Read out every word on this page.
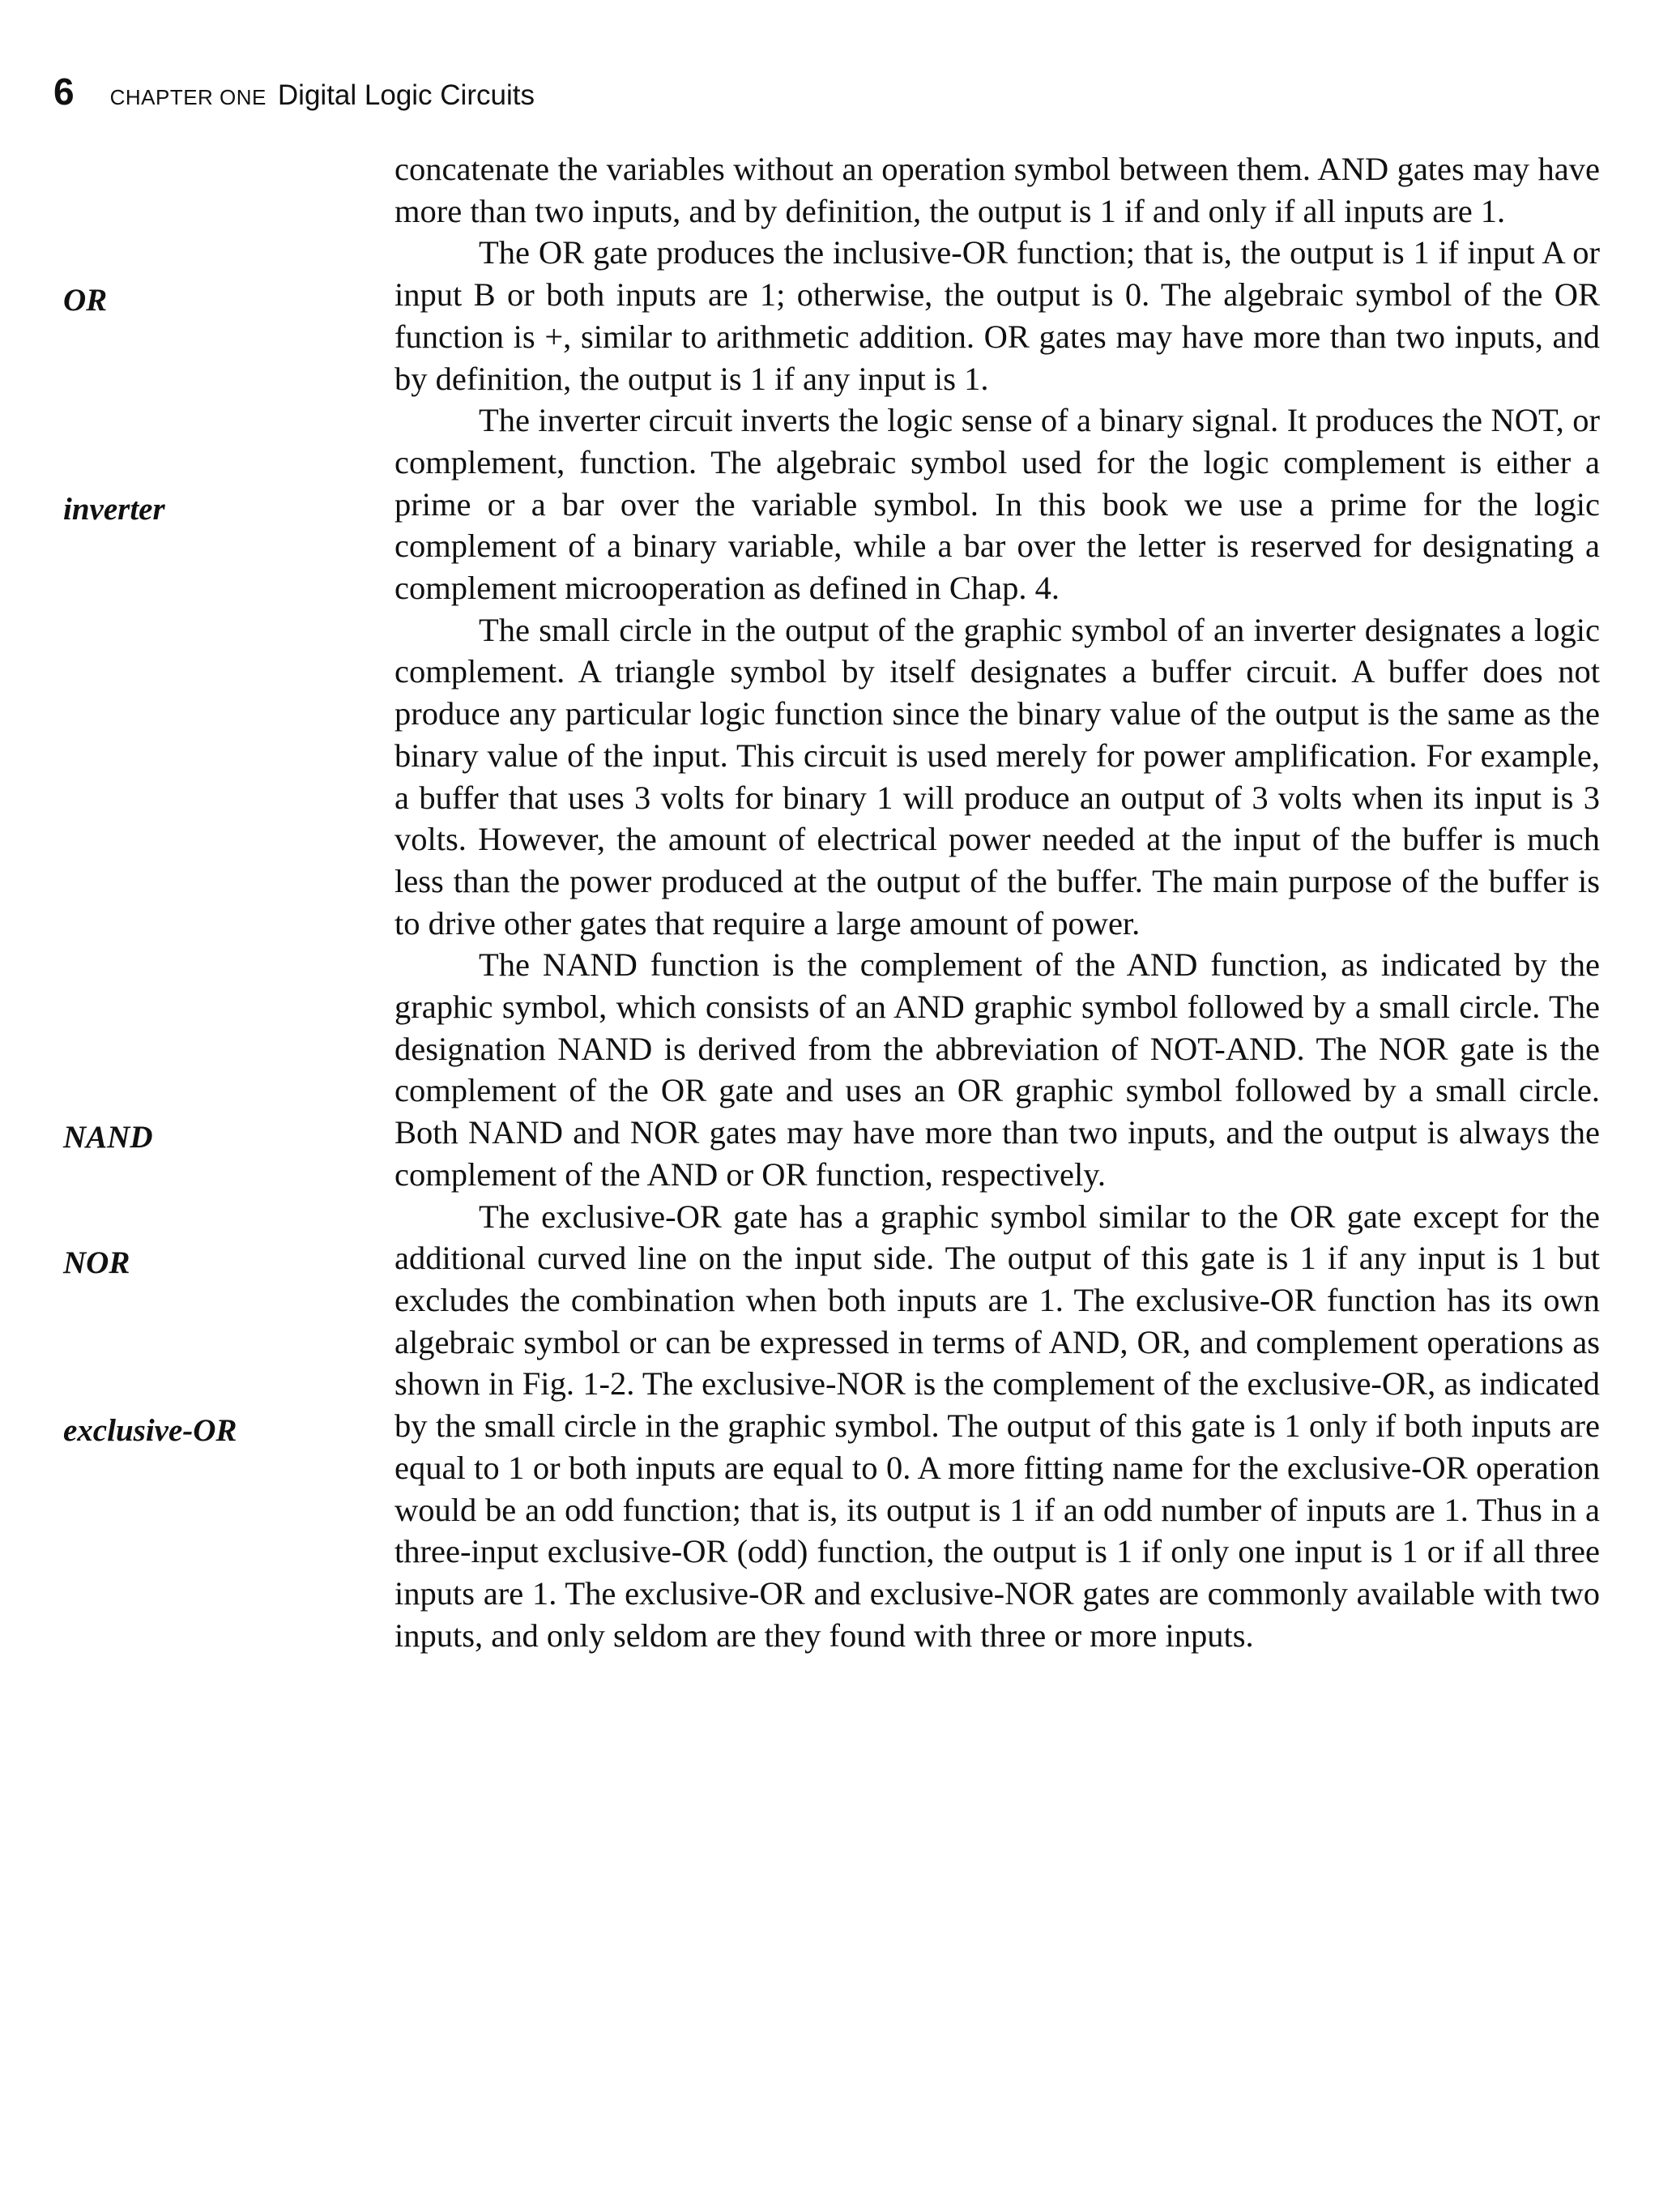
6 CHAPTER ONE Digital Logic Circuits
OR
inverter
NAND
NOR
exclusive-OR

concatenate the variables without an operation symbol between them. AND gates may have more than two inputs, and by definition, the output is 1 if and only if all inputs are 1.

The OR gate produces the inclusive-OR function; that is, the output is 1 if input A or input B or both inputs are 1; otherwise, the output is 0. The algebraic symbol of the OR function is +, similar to arithmetic addition. OR gates may have more than two inputs, and by definition, the output is 1 if any input is 1.

The inverter circuit inverts the logic sense of a binary signal. It produces the NOT, or complement, function. The algebraic symbol used for the logic complement is either a prime or a bar over the variable symbol. In this book we use a prime for the logic complement of a binary variable, while a bar over the letter is reserved for designating a complement microoperation as defined in Chap. 4.

The small circle in the output of the graphic symbol of an inverter designates a logic complement. A triangle symbol by itself designates a buffer circuit. A buffer does not produce any particular logic function since the binary value of the output is the same as the binary value of the input. This circuit is used merely for power amplification. For example, a buffer that uses 3 volts for binary 1 will produce an output of 3 volts when its input is 3 volts. However, the amount of electrical power needed at the input of the buffer is much less than the power produced at the output of the buffer. The main purpose of the buffer is to drive other gates that require a large amount of power.

The NAND function is the complement of the AND function, as indicated by the graphic symbol, which consists of an AND graphic symbol followed by a small circle. The designation NAND is derived from the abbreviation of NOT-AND. The NOR gate is the complement of the OR gate and uses an OR graphic symbol followed by a small circle. Both NAND and NOR gates may have more than two inputs, and the output is always the complement of the AND or OR function, respectively.

The exclusive-OR gate has a graphic symbol similar to the OR gate except for the additional curved line on the input side. The output of this gate is 1 if any input is 1 but excludes the combination when both inputs are 1. The exclusive-OR function has its own algebraic symbol or can be expressed in terms of AND, OR, and complement operations as shown in Fig. 1-2. The exclusive-NOR is the complement of the exclusive-OR, as indicated by the small circle in the graphic symbol. The output of this gate is 1 only if both inputs are equal to 1 or both inputs are equal to 0. A more fitting name for the exclusive-OR operation would be an odd function; that is, its output is 1 if an odd number of inputs are 1. Thus in a three-input exclusive-OR (odd) function, the output is 1 if only one input is 1 or if all three inputs are 1. The exclusive-OR and exclusive-NOR gates are commonly available with two inputs, and only seldom are they found with three or more inputs.
